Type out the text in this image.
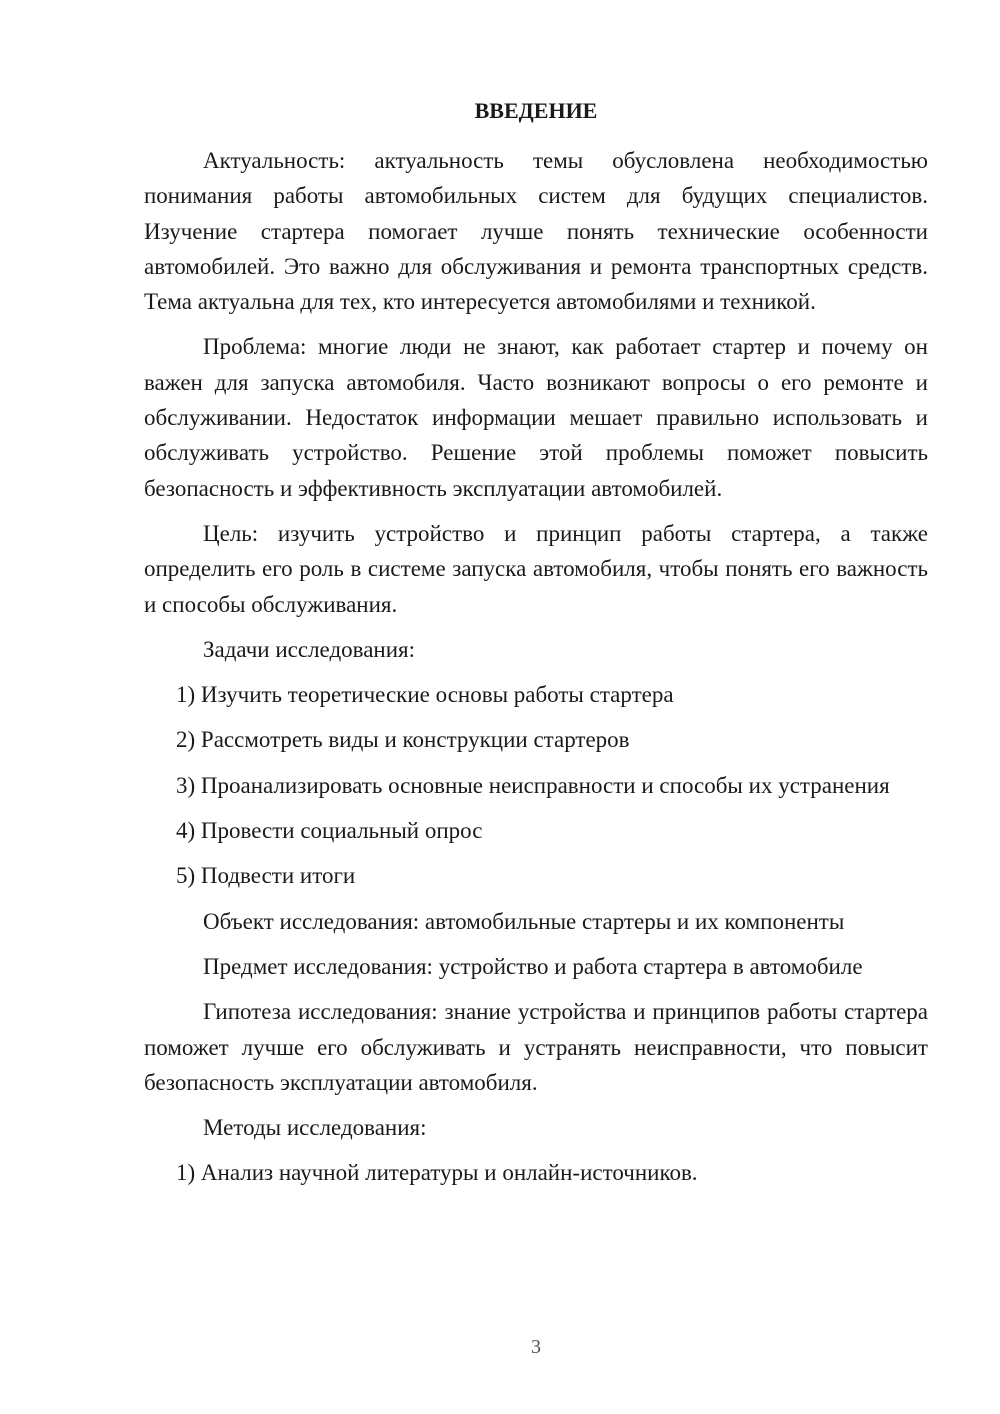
ВВЕДЕНИЕ

Актуальность: актуальность темы обусловлена необходимостью понимания работы автомобильных систем для будущих специалистов. Изучение стартера помогает лучше понять технические особенности автомобилей. Это важно для обслуживания и ремонта транспортных средств. Тема актуальна для тех, кто интересуется автомобилями и техникой.

Проблема: многие люди не знают, как работает стартер и почему он важен для запуска автомобиля. Часто возникают вопросы о его ремонте и обслуживании. Недостаток информации мешает правильно использовать и обслуживать устройство. Решение этой проблемы поможет повысить безопасность и эффективность эксплуатации автомобилей.

Цель: изучить устройство и принцип работы стартера, а также определить его роль в системе запуска автомобиля, чтобы понять его важность и способы обслуживания.

Задачи исследования:

1) Изучить теоретические основы работы стартера

2) Рассмотреть виды и конструкции стартеров

3) Проанализировать основные неисправности и способы их устранения

4) Провести социальный опрос

5) Подвести итоги

Объект исследования: автомобильные стартеры и их компоненты

Предмет исследования: устройство и работа стартера в автомобиле

Гипотеза исследования: знание устройства и принципов работы стартера поможет лучше его обслуживать и устранять неисправности, что повысит безопасность эксплуатации автомобиля.

Методы исследования:

1) Анализ научной литературы и онлайн-источников.

3
